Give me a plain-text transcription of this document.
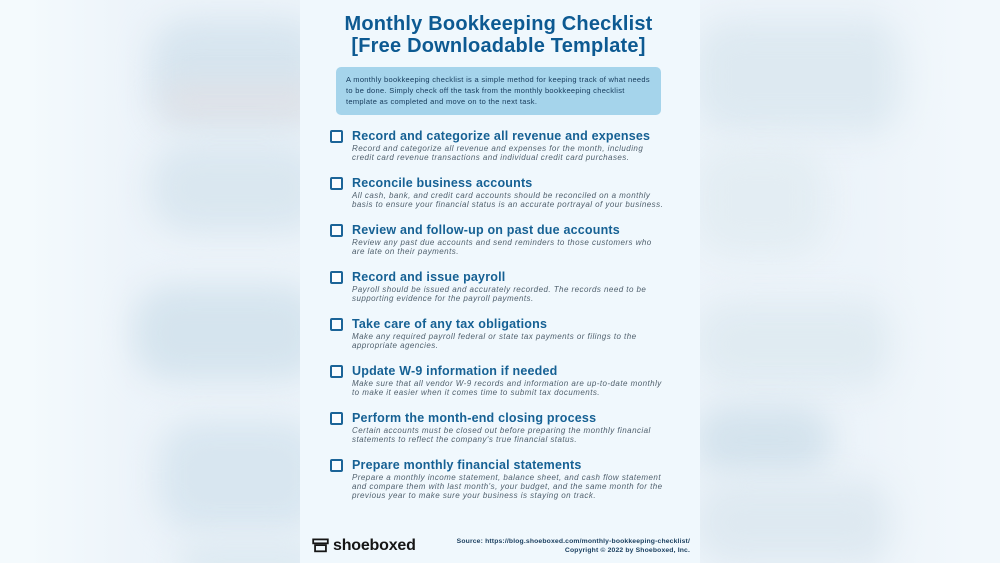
Monthly Bookkeeping Checklist
[Free Downloadable Template]
A monthly bookkeeping checklist is a simple method for keeping track of what needs to be done. Simply check off the task from the monthly bookkeeping checklist template as completed and move on to the next task.
Record and categorize all revenue and expenses
Record and categorize all revenue and expenses for the month, including credit card revenue transactions and individual credit card purchases.
Reconcile business accounts
All cash, bank, and credit card accounts should be reconciled on a monthly basis to ensure your financial status is an accurate portrayal of your business.
Review and follow-up on past due accounts
Review any past due accounts and send reminders to those customers who are late on their payments.
Record and issue payroll
Payroll should be issued and accurately recorded. The records need to be supporting evidence for the payroll payments.
Take care of any tax obligations
Make any required payroll federal or state tax payments or filings to the appropriate agencies.
Update W-9 information if needed
Make sure that all vendor W-9 records and information are up-to-date monthly to make it easier when it comes time to submit tax documents.
Perform the month-end closing process
Certain accounts must be closed out before preparing the monthly financial statements to reflect the company's true financial status.
Prepare monthly financial statements
Prepare a monthly income statement, balance sheet, and cash flow statement and compare them with last month's, your budget, and the same month for the previous year to make sure your business is staying on track.
shoeboxed	Source: https://blog.shoeboxed.com/monthly-bookkeeping-checklist/
Copyright © 2022 by Shoeboxed, Inc.
